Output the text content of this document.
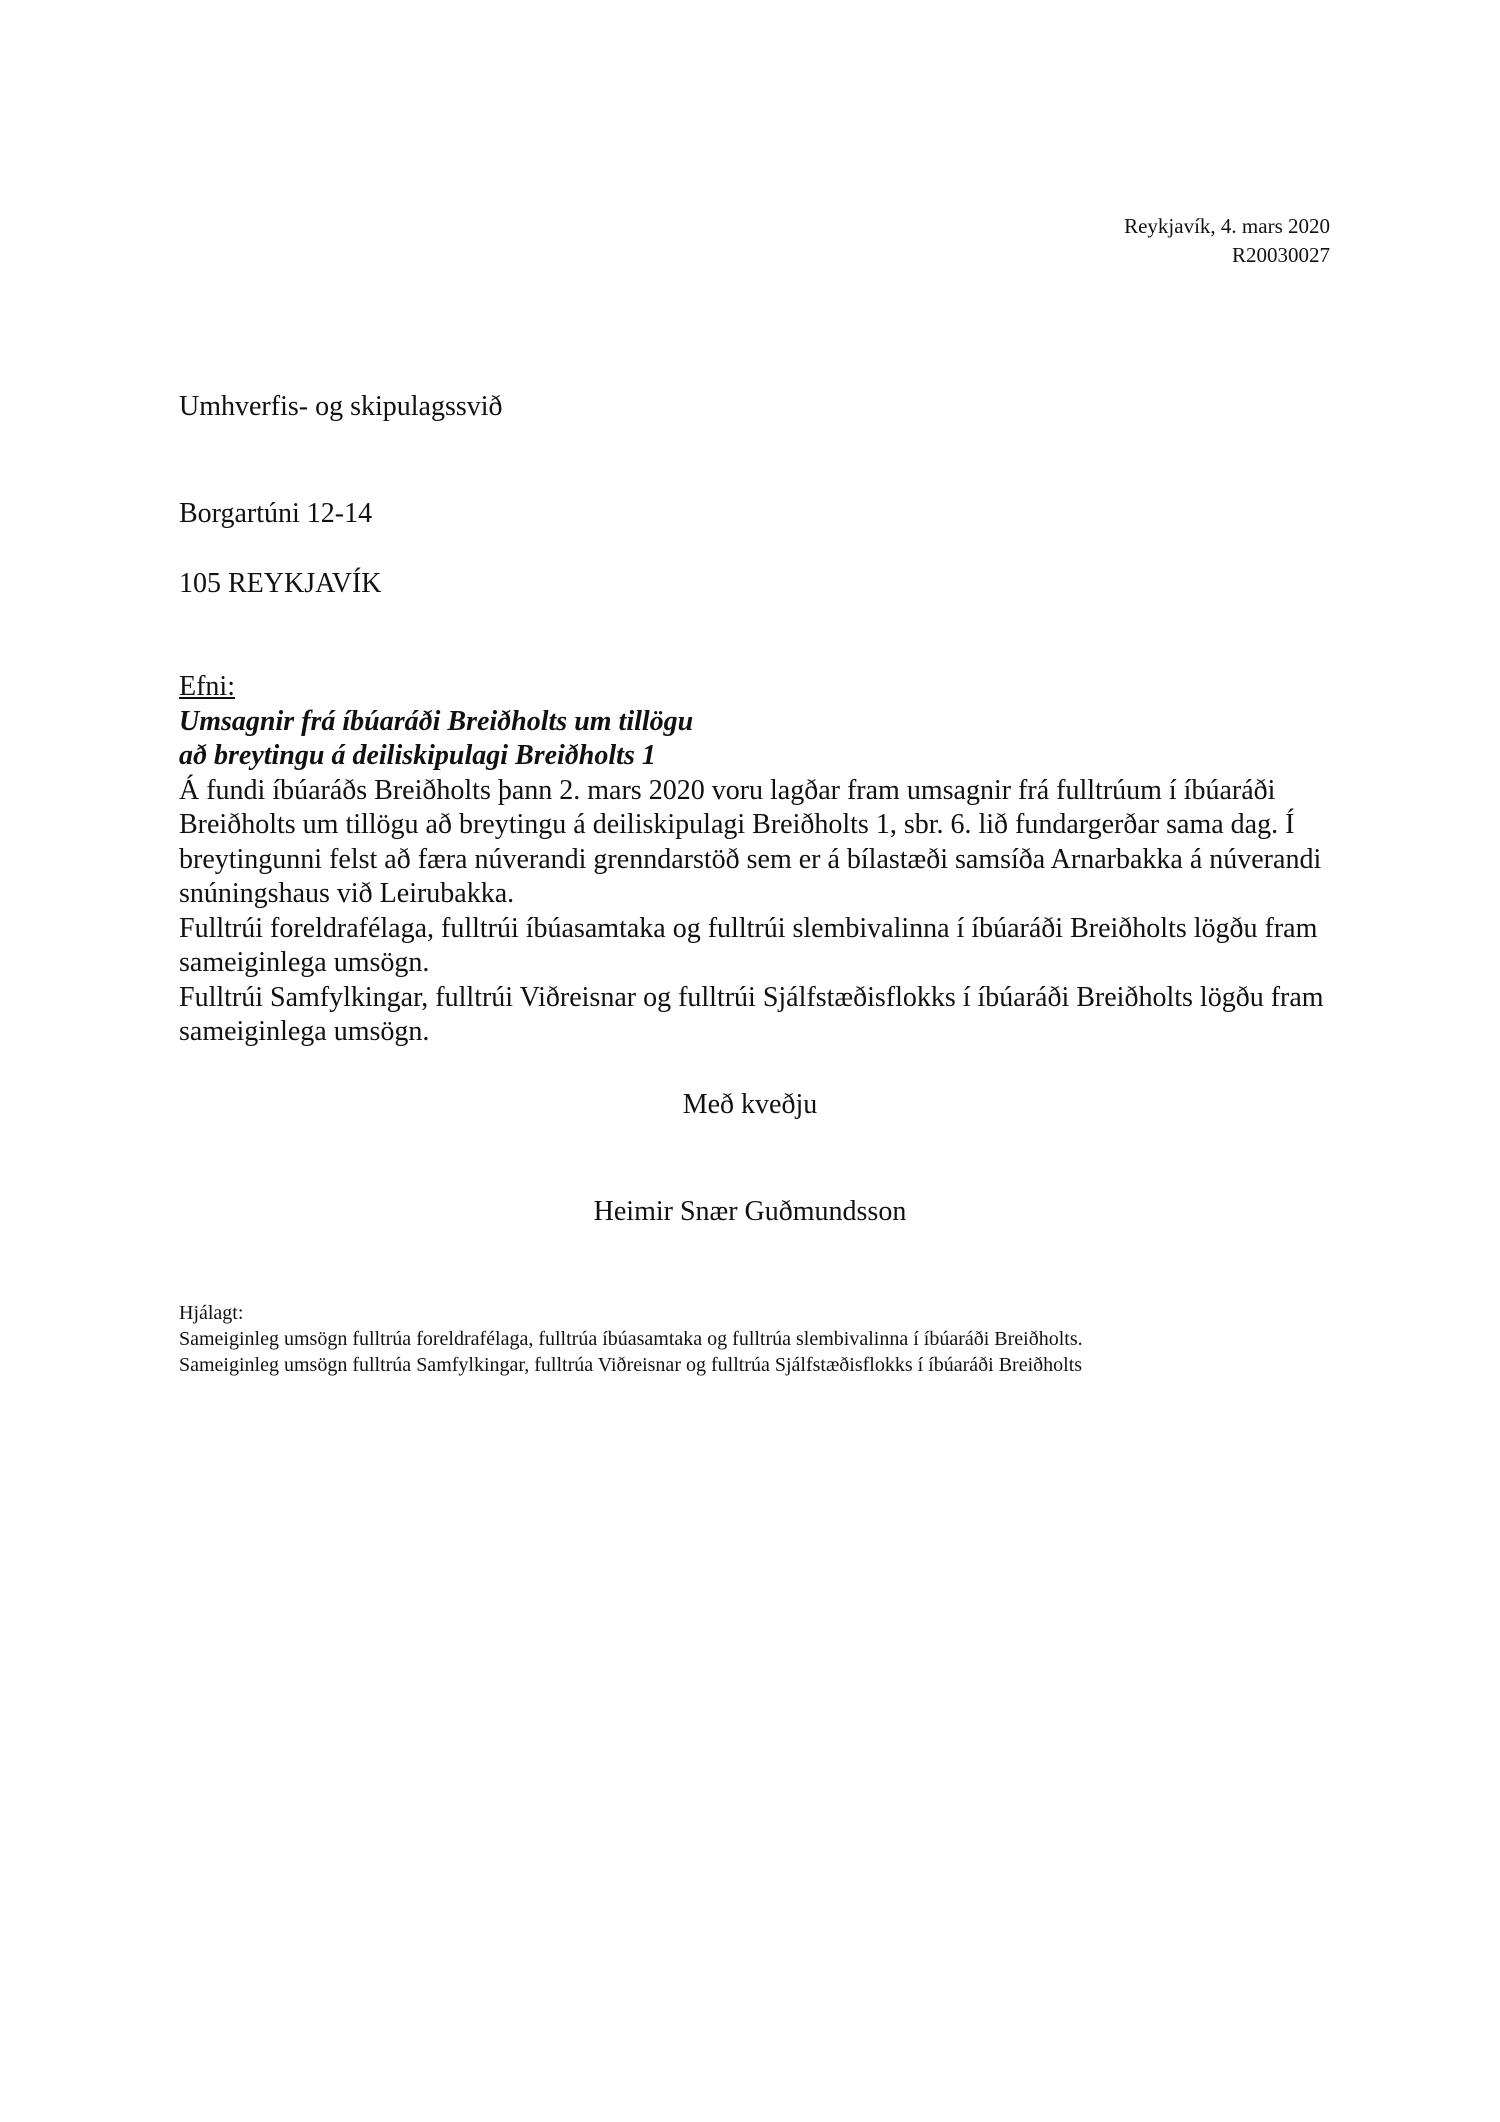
Reykjavík, 4. mars 2020
R20030027

Umhverfis- og skipulagssvið

Borgartúni 12-14

105 REYKJAVÍK

Efni:
Umsagnir frá íbúaráði Breiðholts um tillögu
að breytingu á deiliskipulagi Breiðholts 1
Á fundi íbúaráðs Breiðholts þann 2. mars 2020 voru lagðar fram umsagnir frá fulltrúum í íbúaráði Breiðholts um tillögu að breytingu á deiliskipulagi Breiðholts 1, sbr. 6. lið fundargerðar sama dag. Í breytingunni felst að færa núverandi grenndarstöð sem er á bílastæði samsíða Arnarbakka á núverandi snúningshaus við Leirubakka.
Fulltrúi foreldrafélaga, fulltrúi íbúasamtaka og fulltrúi slembivalinna í íbúaráði Breiðholts lögðu fram sameiginlega umsögn.
Fulltrúi Samfylkingar, fulltrúi Viðreisnar og fulltrúi Sjálfstæðisflokks í íbúaráði Breiðholts lögðu fram sameiginlega umsögn.
Með kveðju
Heimir Snær Guðmundsson
Hjálagt:
Sameiginleg umsögn fulltrúa foreldrafélaga, fulltrúa íbúasamtaka og fulltrúa slembivalinna í íbúaráði Breiðholts.
Sameiginleg umsögn fulltrúa Samfylkingar, fulltrúa Viðreisnar og fulltrúa Sjálfstæðisflokks í íbúaráði Breiðholts
